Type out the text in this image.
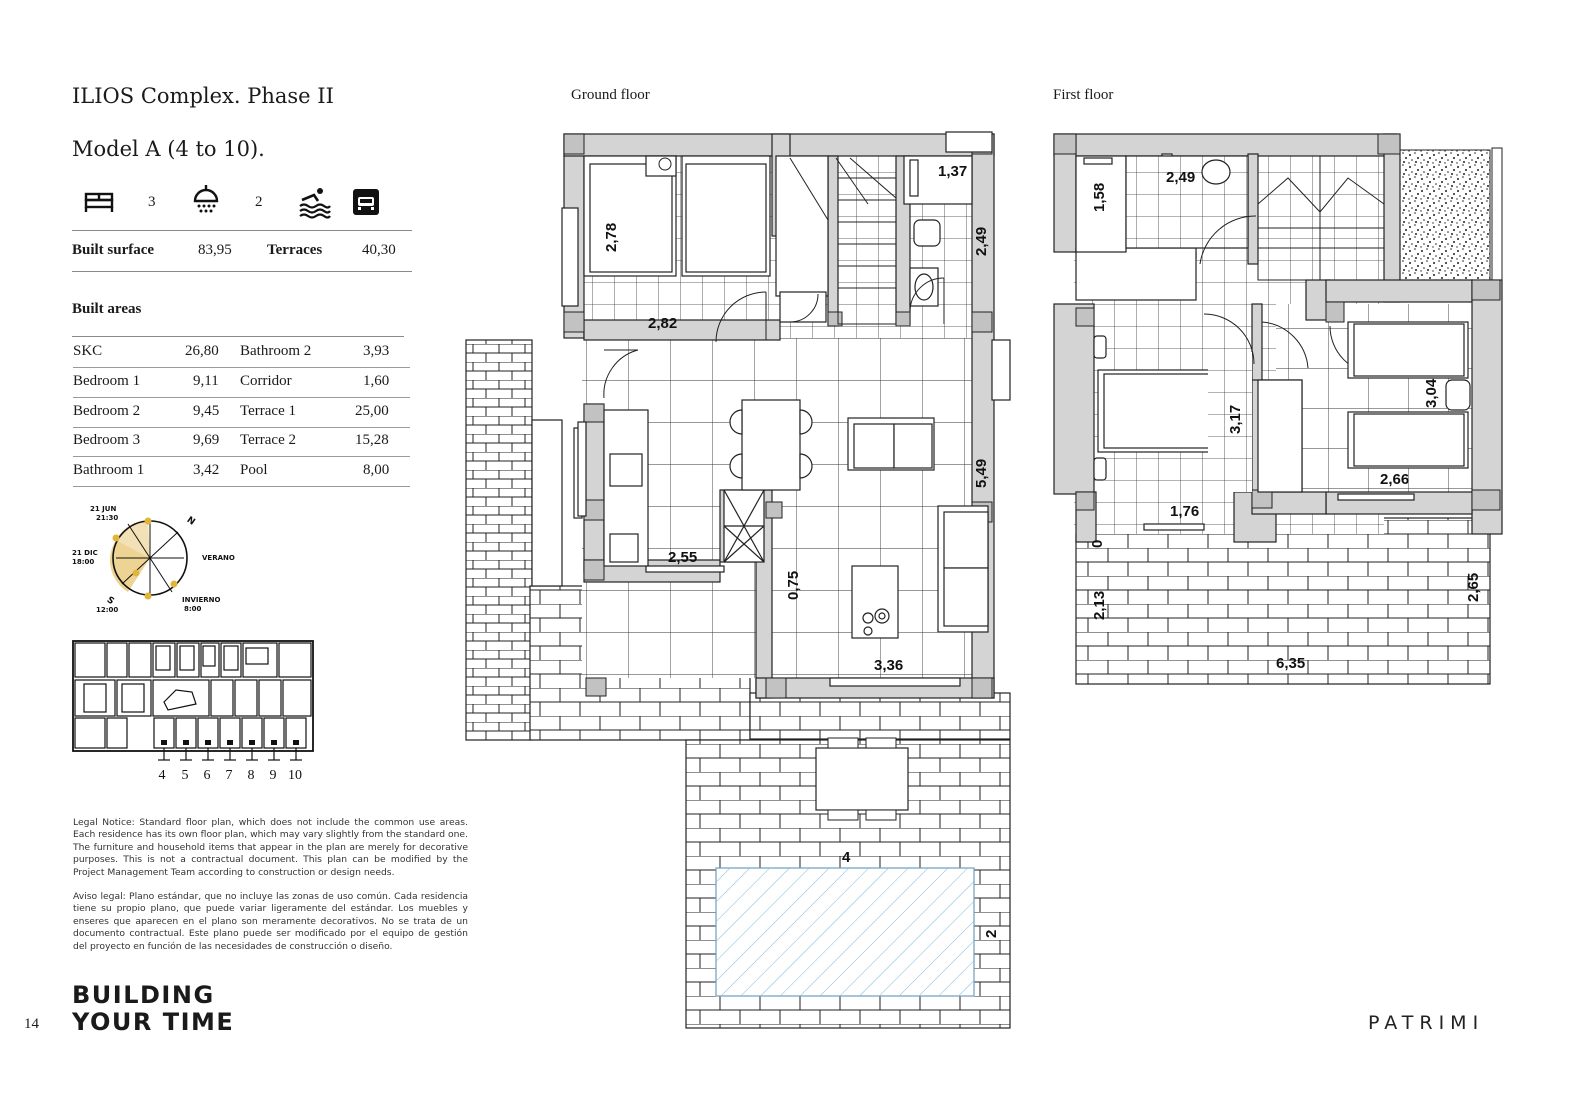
ILIOS Complex. Phase II
Model A (4 to 10).
3	2
Built surface	83,95 Terraces	40,30
Built areas
SKC	26,80 Bathroom 2	3,93
Bedroom 1	9,11 Corridor	1,60
Bedroom 2	9,45 Terrace 1	25,00
Bedroom 3	9,69 Terrace 2	15,28
Bathroom 1	3,42 Pool	8,00
21 JUN
21:30
21 DIC
18:00
N
S
VERANO
INVIERNO
12:00	8:00
4 5 6 7 8 9 10
Legal Notice: Standard floor plan, which does not include the common use areas. Each residence has its own floor plan, which may vary slightly from the standard one. The furniture and household items that appear in the plan are merely for decorative purposes. This is not a contractual document. This plan can be modified by the Project Management Team according to construction or design needs.
Aviso legal: Plano estándar, que no incluye las zonas de uso común. Cada residencia tiene su propio plano, que puede variar ligeramente del estándar. Los muebles y enseres que aparecen en el plano son meramente decorativos. No se trata de un documento contractual. Este plano puede ser modificado por el equipo de gestión del proyecto en función de las necesidades de construcción o diseño.
14
BUILDING
YOUR TIME	PATRIMI
Ground floor
1,37
2,78	2,49
2,82
5,49
2,55
0,75
3,36
4
2
First floor
1,58
2,49
3,04
3,17
2,66
1,76
0
2,13
2,65
6,35
